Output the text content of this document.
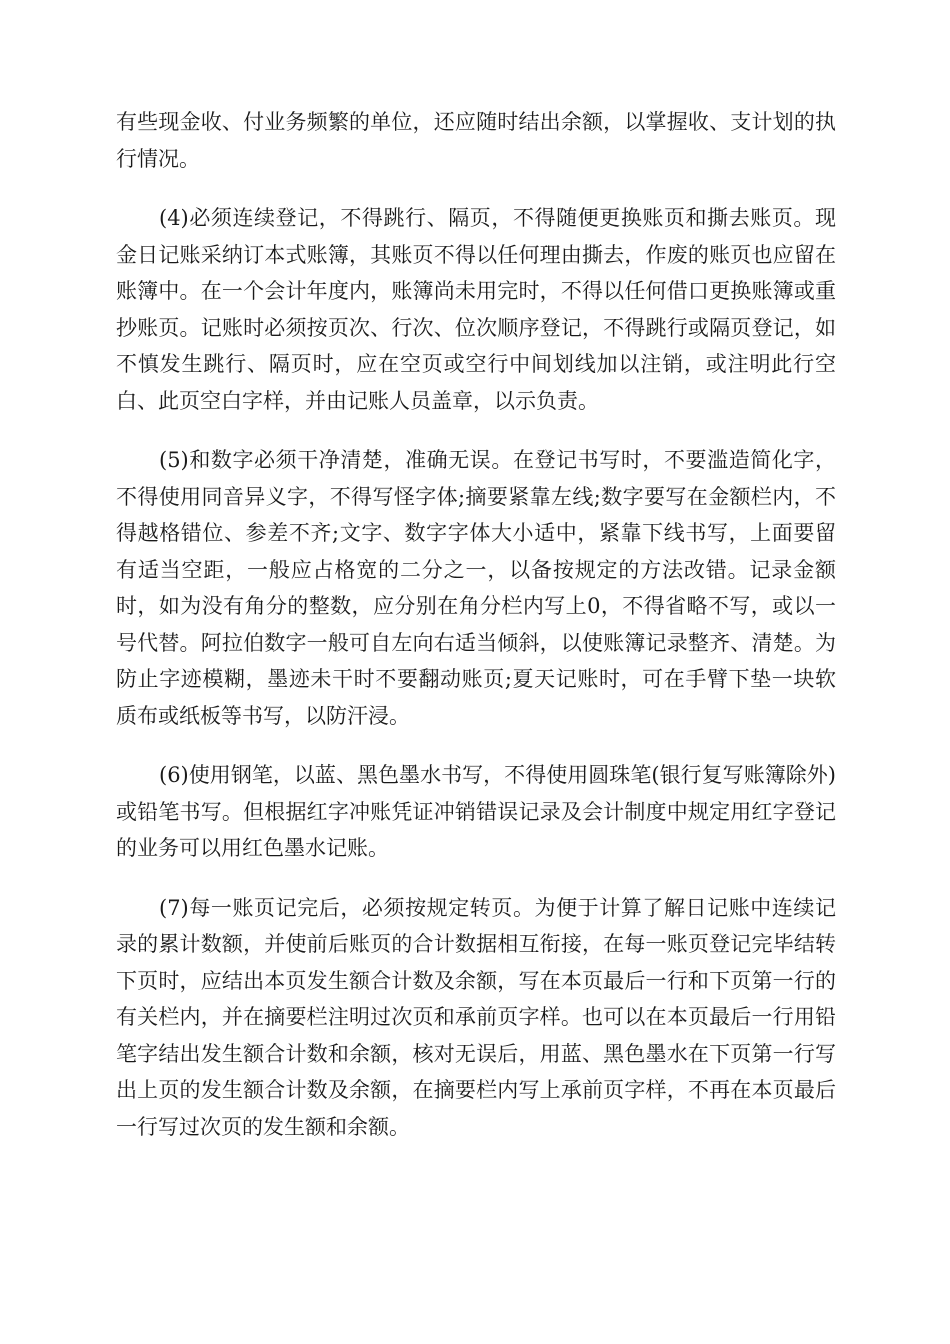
有些现金收、付业务频繁的单位，还应随时结出余额，以掌握收、支计划的执行情况。

(4)必须连续登记，不得跳行、隔页，不得随便更换账页和撕去账页。现金日记账采纳订本式账簿，其账页不得以任何理由撕去，作废的账页也应留在账簿中。在一个会计年度内，账簿尚未用完时，不得以任何借口更换账簿或重抄账页。记账时必须按页次、行次、位次顺序登记，不得跳行或隔页登记，如不慎发生跳行、隔页时，应在空页或空行中间划线加以注销，或注明此行空白、此页空白字样，并由记账人员盖章，以示负责。

(5)和数字必须干净清楚，准确无误。在登记书写时，不要滥造简化字，不得使用同音异义字，不得写怪字体;摘要紧靠左线;数字要写在金额栏内，不得越格错位、参差不齐;文字、数字字体大小适中，紧靠下线书写，上面要留有适当空距，一般应占格宽的二分之一，以备按规定的方法改错。记录金额时，如为没有角分的整数，应分别在角分栏内写上0，不得省略不写，或以一号代替。阿拉伯数字一般可自左向右适当倾斜，以使账簿记录整齐、清楚。为防止字迹模糊，墨迹未干时不要翻动账页;夏天记账时，可在手臂下垫一块软质布或纸板等书写，以防汗浸。

(6)使用钢笔，以蓝、黑色墨水书写，不得使用圆珠笔(银行复写账簿除外)或铅笔书写。但根据红字冲账凭证冲销错误记录及会计制度中规定用红字登记的业务可以用红色墨水记账。

(7)每一账页记完后，必须按规定转页。为便于计算了解日记账中连续记录的累计数额，并使前后账页的合计数据相互衔接，在每一账页登记完毕结转下页时，应结出本页发生额合计数及余额，写在本页最后一行和下页第一行的有关栏内，并在摘要栏注明过次页和承前页字样。也可以在本页最后一行用铅笔字结出发生额合计数和余额，核对无误后，用蓝、黑色墨水在下页第一行写出上页的发生额合计数及余额，在摘要栏内写上承前页字样，不再在本页最后一行写过次页的发生额和余额。
